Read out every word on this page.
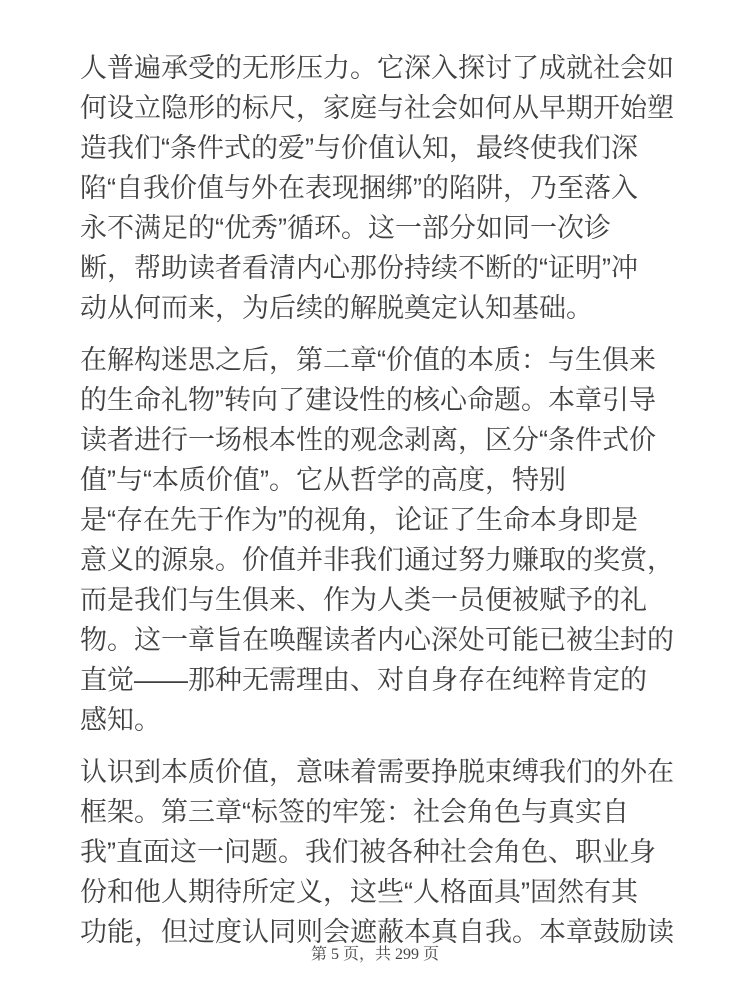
人普遍承受的无形压力。它深入探讨了成就社会如
何设立隐形的标尺，家庭与社会如何从早期开始塑
造我们“条件式的爱”与价值认知，最终使我们深
陷“自我价值与外在表现捆绑”的陷阱，乃至落入
永不满足的“优秀”循环。这一部分如同一次诊
断，帮助读者看清内心那份持续不断的“证明”冲
动从何而来，为后续的解脱奠定认知基础。
在解构迷思之后，第二章“价值的本质：与生俱来
的生命礼物”转向了建设性的核心命题。本章引导
读者进行一场根本性的观念剥离，区分“条件式价
值”与“本质价值”。它从哲学的高度，特别
是“存在先于作为”的视角，论证了生命本身即是
意义的源泉。价值并非我们通过努力赚取的奖赏，
而是我们与生俱来、作为人类一员便被赋予的礼
物。这一章旨在唤醒读者内心深处可能已被尘封的
直觉——那种无需理由、对自身存在纯粹肯定的
感知。
认识到本质价值，意味着需要挣脱束缚我们的外在
框架。第三章“标签的牢笼：社会角色与真实自
我”直面这一问题。我们被各种社会角色、职业身
份和他人期待所定义，这些“人格面具”固然有其
功能，但过度认同则会遮蔽本真自我。本章鼓励读
第 5 页，共 299 页
